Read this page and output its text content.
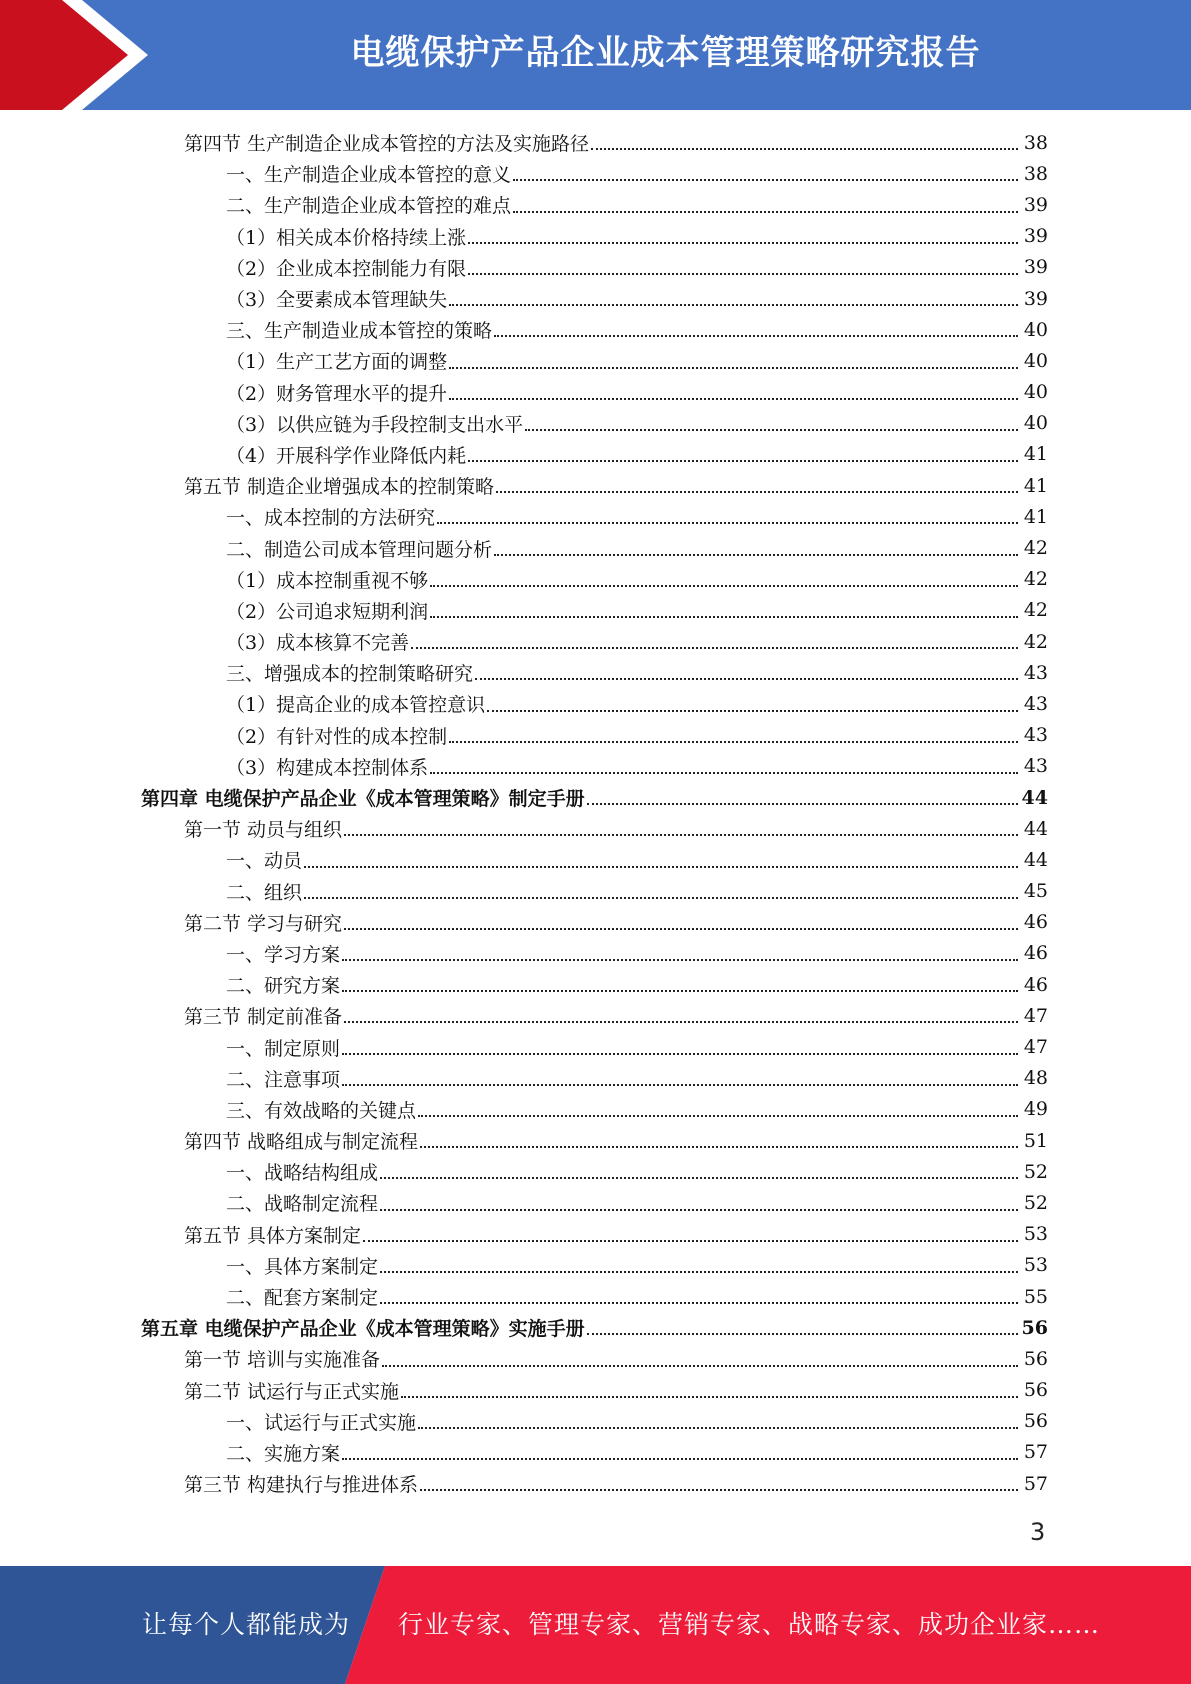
电缆保护产品企业成本管理策略研究报告
第四节 生产制造企业成本管控的方法及实施路径	38
一、生产制造企业成本管控的意义	38
二、生产制造企业成本管控的难点	39
（1）相关成本价格持续上涨	39
（2）企业成本控制能力有限	39
（3）全要素成本管理缺失	39
三、生产制造业成本管控的策略	40
（1）生产工艺方面的调整	40
（2）财务管理水平的提升	40
（3）以供应链为手段控制支出水平	40
（4）开展科学作业降低内耗	41
第五节 制造企业增强成本的控制策略	41
一、成本控制的方法研究	41
二、制造公司成本管理问题分析	42
（1）成本控制重视不够	42
（2）公司追求短期利润	42
（3）成本核算不完善	42
三、增强成本的控制策略研究	43
（1）提高企业的成本管控意识	43
（2）有针对性的成本控制	43
（3）构建成本控制体系	43
第四章 电缆保护产品企业《成本管理策略》制定手册	44
第一节 动员与组织	44
一、动员	44
二、组织	45
第二节 学习与研究	46
一、学习方案	46
二、研究方案	46
第三节 制定前准备	47
一、制定原则	47
二、注意事项	48
三、有效战略的关键点	49
第四节 战略组成与制定流程	51
一、战略结构组成	52
二、战略制定流程	52
第五节 具体方案制定	53
一、具体方案制定	53
二、配套方案制定	55
第五章 电缆保护产品企业《成本管理策略》实施手册	56
第一节 培训与实施准备	56
第二节 试运行与正式实施	56
一、试运行与正式实施	56
二、实施方案	57
第三节 构建执行与推进体系	57
3
让每个人都能成为 行业专家、管理专家、营销专家、战略专家、成功企业家……
